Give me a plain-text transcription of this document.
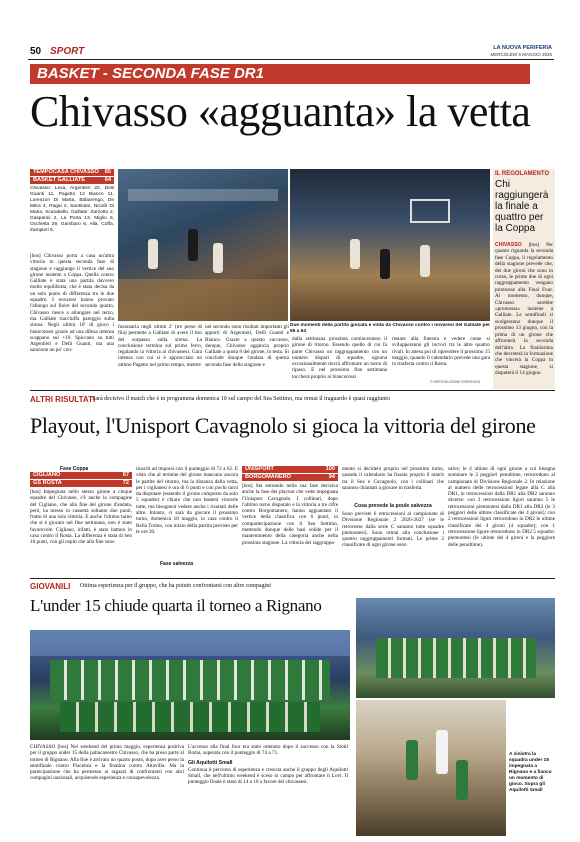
50 SPORT	LA NUOVA PERIFERIA
MERCOLEDÌ 6 MAGGIO 2026
BASKET - SECONDA FASE DR1
Chivasso «agguanta» la vetta
TEMPOCASA CHIVASSO 65
BASKET GALLIATE	64
Chivasso: Leva, Argentieri 20, Delli Guanti 11, Pagetto 12 Bianco 11, Lorenzon Di Marta, Babarengo, De Mitra 4, Ragai 2, Santinato, Nicolò Di Maria, Scarabello. Galliate: Zarzotto 2, Gasparini 2, La Porta 13, Miglio 6, Occhetta 29, Gambaro 6, Alla, Coffa, Zampieri 6.
[bos] Chivasso porta a casa un'altra vittoria in questa seconda fase di stagione e raggiunge il vertice del suo girone insieme a Coppa. Quella contro Galliate è stata una partita davvero molto equilibrata, che è stata decisa da un solo punto di differenza tra le due squadre. I novaresi hanno provato l'allungo sul finire del secondo quarto, Chivasso riesce a allungare nel terzo, ma Galliate riacciuffa pareggio sulla sirena. Negli ultimi 10' di gioco i biancorossi grazie ad una difesa intensa scappano sul +10. Spiccano su tutti Argentieri e Delli Guanti, ma una sanzione un po' con-
Due momenti della partita giocata e vinta da Chivasso contro i novaresi del Galliate per 65 a 64
fusionaria negli ultimi 2' (tre perse di fila) permette a Galliate di avere il tiro del sorpasso sulla sirena. La conclusione termina sul primo ferro, regalando la vittoria ai chivassesi. Gara intensa con cui si è approcciato un ottimo Pagetto nel primo tempo, mentre
nel secondo sono risultati importanti gli apporti di Argentieri, Delli Guanti e Bianco. Grazie a questo successo, dunque, Chivasso aggancia proprio Galliate a quota 8 del girone, in testa. Si conclude dunque l'andata di questa seconda fase della stagione e
dalla settimana prossima cominceranno il girone di ritorno. Essendo quello di cui fa parte Chivasso un raggruppamento con un numero dispari di squadre, ognuna occasionalmente dovrà affrontare un turno di riposo. E nel prossimo fine settimana toccherà proprio ai biancorossi
restare alla finestra e vedere come si svilupperanno gli incroci tra le altre quattro rivali. In attesa poi di riprendere il prossimo 15 maggio, quando il calendario prevede una gara in trasferta contro il Rosta.
© RIPRODUZIONE RISERVATA
IL REGOLAMENTO
Chi raggiungerà la finale a quattro per la Coppa
CHIVASSO [bos] Per quanto riguarda la seconda fase Coppa, il regolamento della stagione prevede che, dei due gironi che sono in corso, le prime due di ogni raggruppamento vengano promosse alla Final Four. Al momento, dunque, Chivasso sarebbe «promossa» insieme a Galliate. Le semifinali si svolgeranno dunque il prossimo 13 giugno, con la prima di un girone che affronterà la seconda dell'altro. La finalissima che decreterà la formazione che vincerà la Coppa in questa stagione, si disputerà il 14 giugno.
ALTRI RISULTATI
Sarà decisivo il match che è in programma domenica 10 sul campo del Sea Settimo, ma ormai il traguardo è quasi raggiunto
Playout, l'Unisport Cavagnolo si gioca la vittoria del girone
Fase Coppa
CIGLIANO	67
GS ROSTA	72
[bos] Impegnata nello stesso girone a cinque squadre del Chivasso, c'è anche la compagine del Cigliano, che alla fine del girone d'andata, però, ha messo in cassetta soltanto due punti, frutto di una sola vittoria. E anche l'ultimo turno che si è giocato nel fine settimana, non è stato favorevole. Cigliano, infatti, è stato battuto in casa contro il Rosta. La differenza è stata di ben 10 punti, con gli ospiti che alla fine sono
riusciti ad imporsi con il punteggio di 72 a 62. E visto che al termine del girone mancano ancora le partite del ritorno, ma la distanza dalla vetta, per i ciglianesi è ora di 6 punti e con pochi turni da disputare (essendo il girone composto da solo 5 squadre) è chiaro che non basterà vincerle tutte, ma bisognerà vedere anche i risultati delle altre. Intanto, ci sarà da giocare il prossimo turno, domenica 10 maggio, in casa contro il Bella Torino, con inizio della partita previsto per le ore 20.
Fase salvezza
UNISPORT	100
BORGOMANERO	94
[bos] Sta entrando nella sua fase decisiva anche la fase dei playout che vede impegnata l'Unisport Cavagnolo. I collinari, dopo l'ultimo turno disputato e la vittoria a tre cifre contro Borgomanero, hanno agguantato il vertice della classifica con 6 punti, in compartecipazione con il Sea Settimo, mettendo dunque delle basi solide per il mantenimento della categoria anche nella prossima stagione. La vittoria del raggruppa-
mento si deciderà proprio nel prossimo turno, quando il calendario ha fissato proprio il match tra il Sea e Cavagnolo, con i collinari che saranno chiamati a giocare in trasferta.
Cosa prevede la poule salvezza
Sono previste 6 retrocessioni al campionato di Divisione Regionale 2 2026-2027 (se le retrocesse dalla serie C saranno tutte squadre piemontesi). Sono ormai alla conclusione i quattro raggruppamenti formati. Le prime 2 classificate di ogni girone sono
salve; le 4 ultime di ogni girone a cui bisogna sommare le 2 peggiori penultime, retrocedono al campionato di Divisione Regionale 2. In relazione al numero delle retrocessioni legate alla C alla DR1, le retrocessioni dalla DR1 alla DR2 saranno diverse: con 3 retrocessioni liguri saranno 5 le retrocessioni piemontesi dalla DR1 alla DR2 (le 3 peggiori delle ultime classificate dei 4 gironi); con 2 retrocessioni liguri retrocedono in DR2 le ultime classificate dei 4 gironi (4 squadre); con 1 retrocessione ligure retrocedono in DR2 5 squadre: piemontesi (le ultime dei 4 gironi e la peggiore delle penultime).
GIOVANILI Ottima esperienza per il gruppo, che ha potuto confrontarsi con altre compagini
L'under 15 chiude quarta il torneo a Rignano
CHIVASSO [bos] Nel weekend del primo maggio, esperienza positiva per il gruppo under 15 della pallacanestro Chivasso, che ha preso parte al torneo di Rignano. Alla fine è arrivato un quarto posto, dopo aver perso la semifinale contro Piacenza e la finalina contro Altavilla. Ma la partecipazione che ha permesso ai ragazzi di confrontarsi con altri compagini nazionali, acquisendo esperienza e consapevolezza.
L'accesso alla final four era stato ottenuto dopo il successo con la Stotil Roma, superata con il punteggio di 74 a 71.
Gli Aquilotti Small
Continua il percorso di esperienza e crescita anche il gruppo degli Aquilotti Small, che nell'ultimo weekend è sceso in campo per affrontare il Lovi. Il punteggio finale è stato di 14 a 10 a favore dei chivassesi.
A sinistra la squadra under 15 impegnata a Rignano e a fianco un momento di gioco. Sopra gli Aquilotti Small
